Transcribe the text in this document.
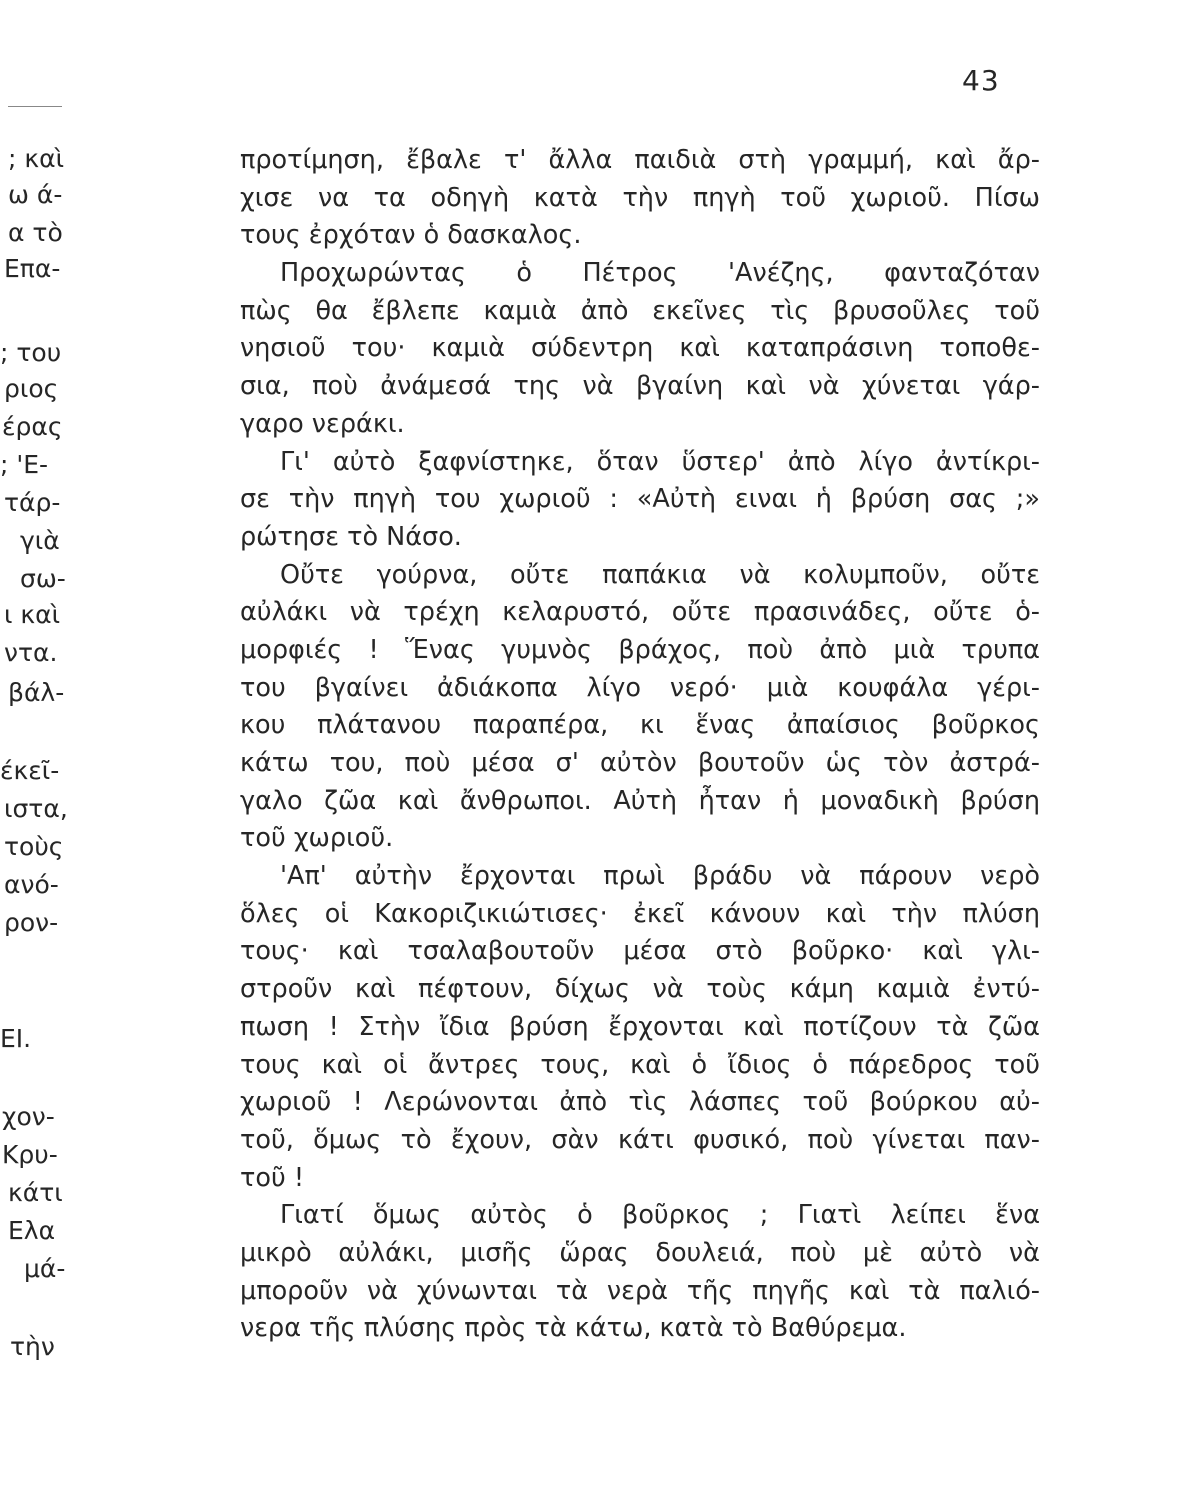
43
; καὶ
ω ά-
α τὸ
Επα-
; του
ριος
έρας
; 'Ε-
τάρ-
γιὰ
σω-
ι καὶ
ντα.
βάλ-
έκεῖ-
ιστα,
τοὺς
ανό-
ρον-
ΕΙ.
χον-
Κρυ-
κάτι
Ελα
μά-
τὴν
προτίμηση, ἔβαλε τ' ἄλλα παιδιὰ στὴ γραμμή, καὶ ἄρ-
χισε να τα οδηγὴ κατὰ τὴν πηγὴ τοῦ χωριοῦ. Πίσω
τους ἐρχόταν ὁ δασκαλος.
Προχωρώντας ὁ Πέτρος 'Ανέζης, φανταζόταν
πὼς θα ἔβλεπε καμιὰ ἀπὸ εκεῖνες τὶς βρυσοῦλες τοῦ
νησιοῦ του· καμιὰ σύδεντρη καὶ καταπράσινη τοποθε-
σια, ποὺ ἀνάμεσά της νὰ βγαίνη καὶ νὰ χύνεται γάρ-
γαρο νεράκι.
Γι' αὐτὸ ξαφνίστηκε, ὅταν ὕστερ' ἀπὸ λίγο ἀντίκρι-
σε τὴν πηγὴ του χωριοῦ : «Αὐτὴ ειναι ἡ βρύση σας ;»
ρώτησε τὸ Νάσο.
Οὔτε γούρνα, οὔτε παπάκια νὰ κολυμποῦν, οὔτε
αὐλάκι νὰ τρέχη κελαρυστό, οὔτε πρασινάδες, οὔτε ὁ-
μορφιές ! Ἕνας γυμνὸς βράχος, ποὺ ἀπὸ μιὰ τρυπα
του βγαίνει ἀδιάκοπα λίγο νερό· μιὰ κουφάλα γέρι-
κου πλάτανου παραπέρα, κι ἕνας ἀπαίσιος βοῦρκος
κάτω του, ποὺ μέσα σ' αὐτὸν βουτοῦν ὡς τὸν ἀστρά-
γαλο ζῶα καὶ ἄνθρωποι. Αὐτὴ ἦταν ἡ μοναδικὴ βρύση
τοῦ χωριοῦ.
'Απ' αὐτὴν ἔρχονται πρωὶ βράδυ νὰ πάρουν νερὸ
ὅλες οἱ Κακοριζικιώτισες· ἐκεῖ κάνουν καὶ τὴν πλύση
τους· καὶ τσαλαβουτοῦν μέσα στὸ βοῦρκο· καὶ γλι-
στροῦν καὶ πέφτουν, δίχως νὰ τοὺς κάμη καμιὰ ἐντύ-
πωση ! Στὴν ἴδια βρύση ἔρχονται καὶ ποτίζουν τὰ ζῶα
τους καὶ οἱ ἄντρες τους, καὶ ὁ ἴδιος ὁ πάρεδρος τοῦ
χωριοῦ ! Λερώνονται ἀπὸ τὶς λάσπες τοῦ βούρκου αὐ-
τοῦ, ὅμως τὸ ἔχουν, σὰν κάτι φυσικό, ποὺ γίνεται παν-
τοῦ !
Γιατί ὅμως αὐτὸς ὁ βοῦρκος ; Γιατὶ λείπει ἕνα
μικρὸ αὐλάκι, μισῆς ὥρας δουλειά, ποὺ μὲ αὐτὸ νὰ
μποροῦν νὰ χύνωνται τὰ νερὰ τῆς πηγῆς καὶ τὰ παλιό-
νερα τῆς πλύσης πρὸς τὰ κάτω, κατὰ τὸ Βαθύρεμα.
